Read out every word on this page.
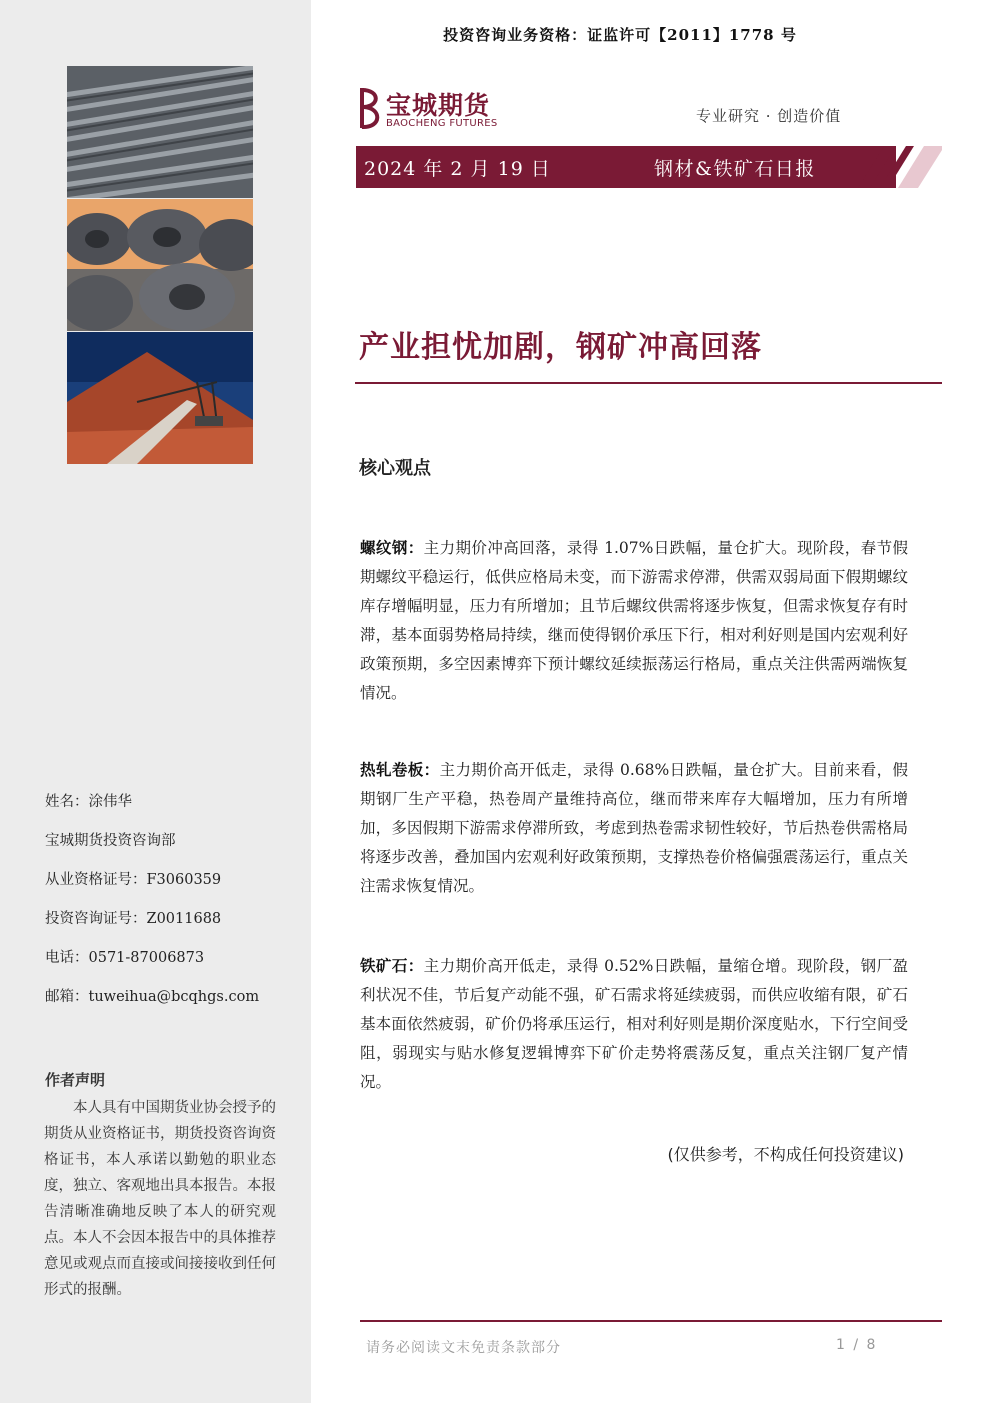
姓名：涂伟华
宝城期货投资咨询部
从业资格证号：F3060359
投资咨询证号：Z0011688
电话：0571-87006873
邮箱：tuweihua@bcqhgs.com
作者声明
本人具有中国期货业协会授予的期货从业资格证书，期货投资咨询资格证书，本人承诺以勤勉的职业态度，独立、客观地出具本报告。本报告清晰准确地反映了本人的研究观点。本人不会因本报告中的具体推荐意见或观点而直接或间接接收到任何形式的报酬。
投资咨询业务资格：证监许可【2011】1778 号
宝城期货
BAOCHENG FUTURES	专业研究 · 创造价值
2024 年 2 月 19 日	钢材&铁矿石日报
产业担忧加剧，钢矿冲高回落
核心观点
螺纹钢：主力期价冲高回落，录得 1.07%日跌幅，量仓扩大。现阶段，春节假期螺纹平稳运行，低供应格局未变，而下游需求停滞，供需双弱局面下假期螺纹库存增幅明显，压力有所增加；且节后螺纹供需将逐步恢复，但需求恢复存有时滞，基本面弱势格局持续，继而使得钢价承压下行，相对利好则是国内宏观利好政策预期，多空因素博弈下预计螺纹延续振荡运行格局，重点关注供需两端恢复情况。
热轧卷板：主力期价高开低走，录得 0.68%日跌幅，量仓扩大。目前来看，假期钢厂生产平稳，热卷周产量维持高位，继而带来库存大幅增加，压力有所增加，多因假期下游需求停滞所致，考虑到热卷需求韧性较好，节后热卷供需格局将逐步改善，叠加国内宏观利好政策预期，支撑热卷价格偏强震荡运行，重点关注需求恢复情况。
铁矿石：主力期价高开低走，录得 0.52%日跌幅，量缩仓增。现阶段，钢厂盈利状况不佳，节后复产动能不强，矿石需求将延续疲弱，而供应收缩有限，矿石基本面依然疲弱，矿价仍将承压运行，相对利好则是期价深度贴水，下行空间受阻，弱现实与贴水修复逻辑博弈下矿价走势将震荡反复，重点关注钢厂复产情况。
(仅供参考，不构成任何投资建议)
请务必阅读文末免责条款部分	1 / 8
